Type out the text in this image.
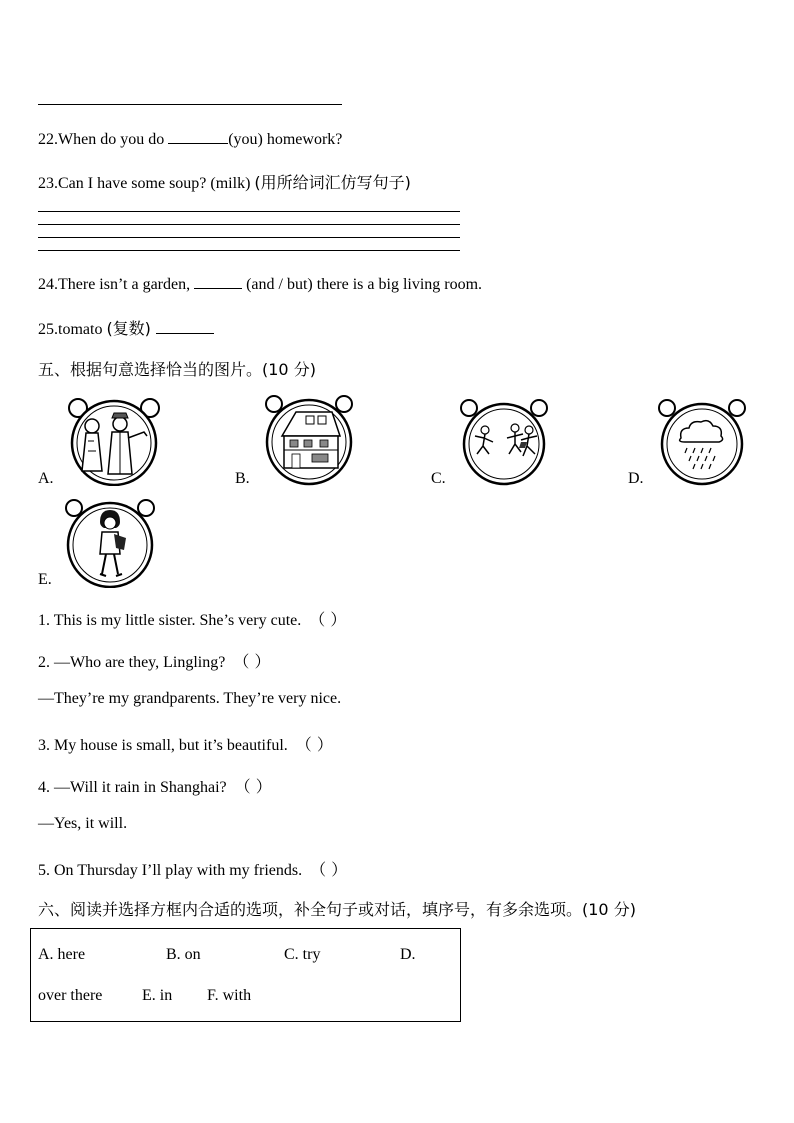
22.When do you do	(you) homework?
23.Can I have some soup? (milk) (用所给词汇仿写句子)
24.There isn’t a garden,	(and / but) there is a big living room.
25.tomato (复数)
五、根据句意选择恰当的图片。(10 分)
A.	B.	C.	D.
E.
1. This is my little sister. She’s very cute. （ ）
2. —Who are they, Lingling? （ ）
—They’re my grandparents. They’re very nice.
3. My house is small, but it’s beautiful. （ ）
4. —Will it rain in Shanghai? （ ）
—Yes, it will.
5. On Thursday I’ll play with my friends. （ ）
六、阅读并选择方框内合适的选项，补全句子或对话，填序号，有多余选项。(10 分)
A. here	B. on	C. try	D.
over there E. in F. with
